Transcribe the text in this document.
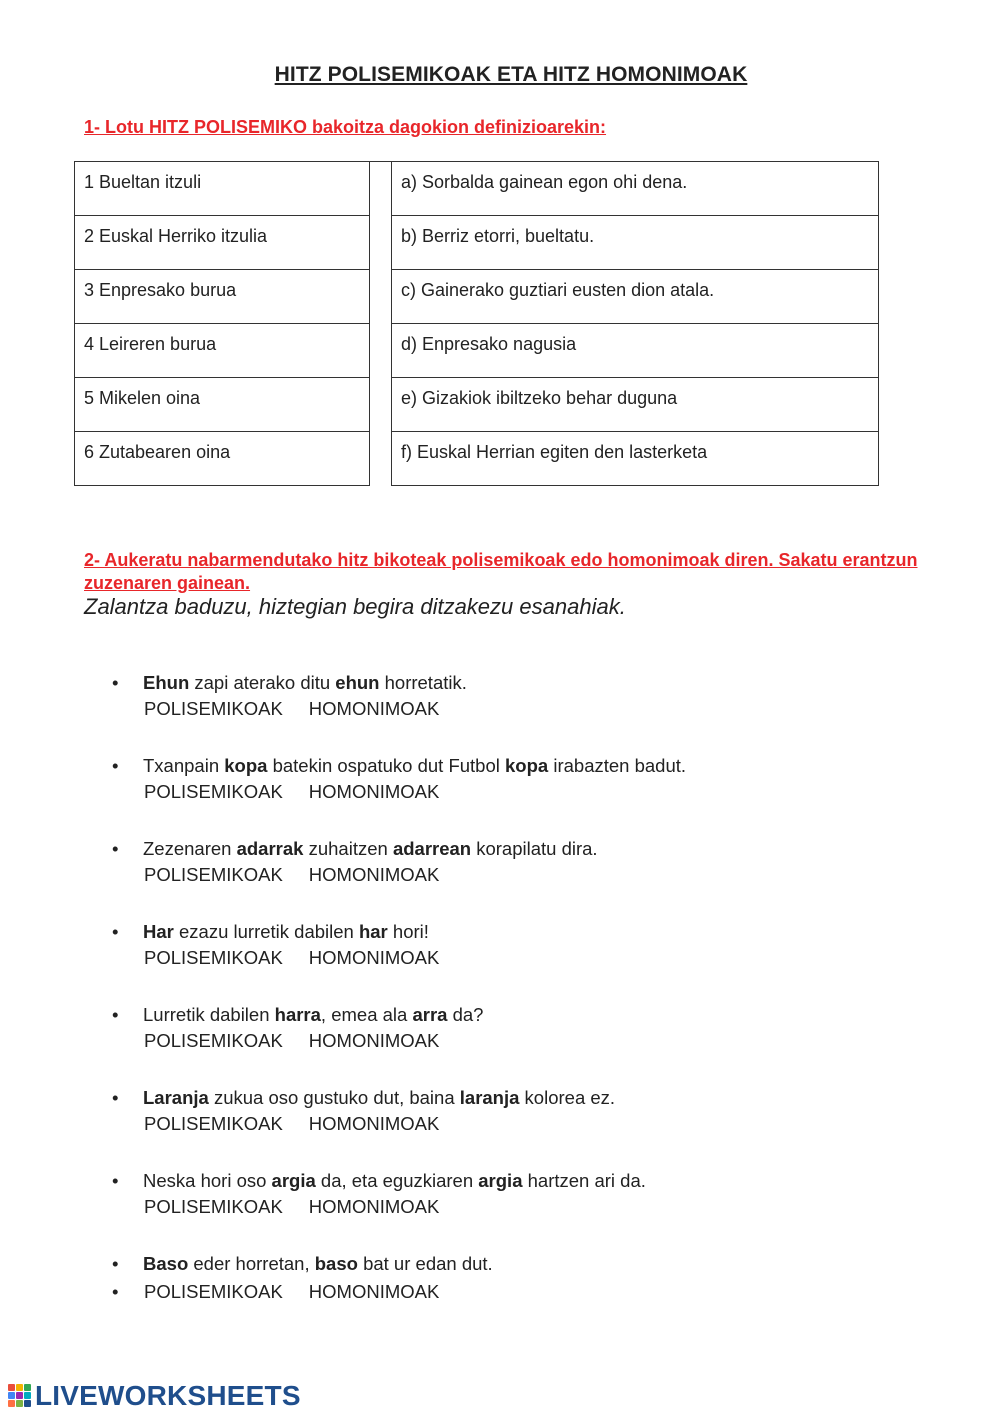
HITZ POLISEMIKOAK ETA HITZ HOMONIMOAK
1- Lotu HITZ POLISEMIKO bakoitza dagokion definizioarekin:
1 Bueltan itzuli		a) Sorbalda gainean egon ohi dena.
2 Euskal Herriko itzulia		b) Berriz etorri, bueltatu.
3 Enpresako burua		c) Gainerako guztiari eusten dion atala.
4 Leireren burua		d) Enpresako nagusia
5 Mikelen oina		e) Gizakiok ibiltzeko behar duguna
6 Zutabearen oina		f) Euskal Herrian egiten den lasterketa
2- Aukeratu nabarmendutako hitz bikoteak polisemikoak edo homonimoak diren. Sakatu erantzun zuzenaren gainean.
Zalantza baduzu, hiztegian begira ditzakezu esanahiak.
• Ehun zapi aterako ditu ehun horretatik.
POLISEMIKOAK HOMONIMOAK
• Txanpain kopa batekin ospatuko dut Futbol kopa irabazten badut.
POLISEMIKOAK HOMONIMOAK
• Zezenaren adarrak zuhaitzen adarrean korapilatu dira.
POLISEMIKOAK HOMONIMOAK
• Har ezazu lurretik dabilen har hori!
POLISEMIKOAK HOMONIMOAK
• Lurretik dabilen harra, emea ala arra da?
POLISEMIKOAK HOMONIMOAK
• Laranja zukua oso gustuko dut, baina laranja kolorea ez.
POLISEMIKOAK HOMONIMOAK
• Neska hori oso argia da, eta eguzkiaren argia hartzen ari da.
POLISEMIKOAK HOMONIMOAK
• Baso eder horretan, baso bat ur edan dut.
• POLISEMIKOAK HOMONIMOAK
LIVEWORKSHEETS
